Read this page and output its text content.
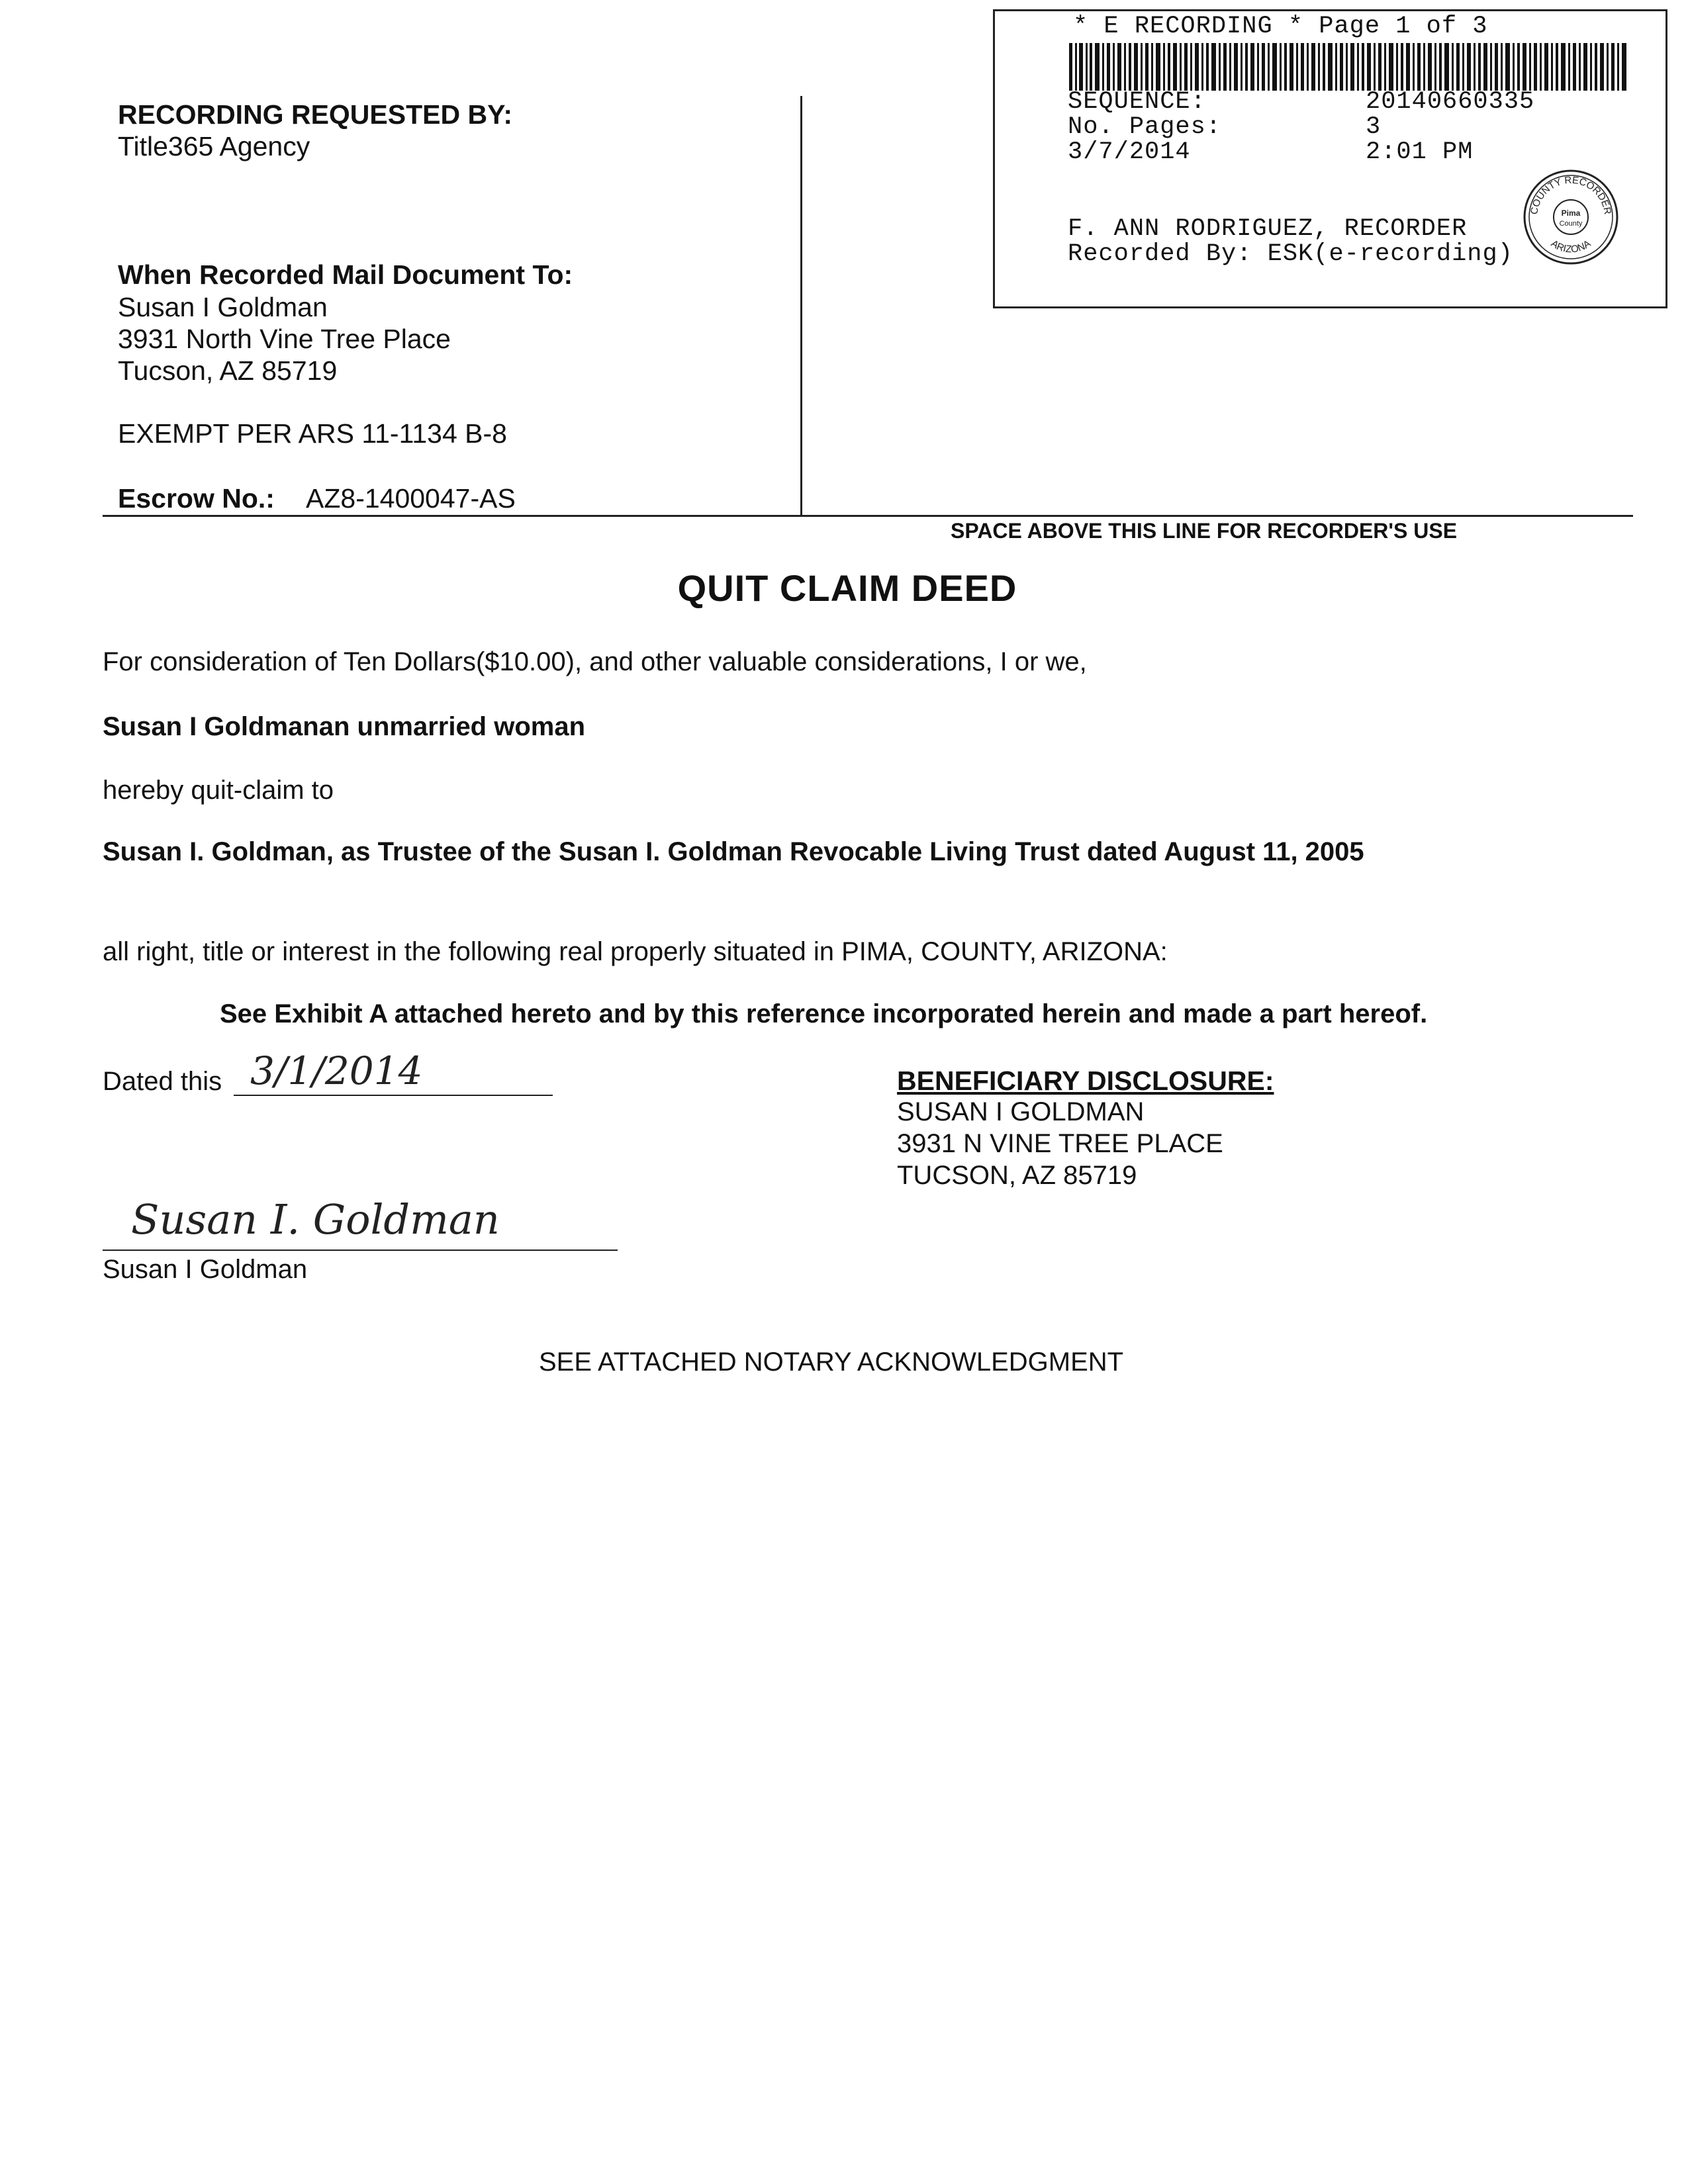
RECORDING REQUESTED BY:
Title365 Agency
When Recorded Mail Document To:
Susan I Goldman
3931 North Vine Tree Place
Tucson, AZ 85719
EXEMPT PER ARS 11-1134 B-8
Escrow No.: AZ8-1400047-AS
* E RECORDING * Page 1 of 3
SEQUENCE:	20140660335
No. Pages:	3
3/7/2014	2:01 PM
F. ANN RODRIGUEZ, RECORDER
Recorded By: ESK(e-recording)
COUNTY RECORDER
ARIZONA
Pima
County
SPACE ABOVE THIS LINE FOR RECORDER'S USE
QUIT CLAIM DEED
For consideration of Ten Dollars($10.00), and other valuable considerations, I or we,
Susan I Goldmanan unmarried woman
hereby quit-claim to
Susan I. Goldman, as Trustee of the Susan I. Goldman Revocable Living Trust dated August 11, 2005
all right, title or interest in the following real properly situated in PIMA, COUNTY, ARIZONA:
See Exhibit A attached hereto and by this reference incorporated herein and made a part hereof.
Dated this 3/1/2014	BENEFICIARY DISCLOSURE:
SUSAN I GOLDMAN
3931 N VINE TREE PLACE
TUCSON, AZ 85719
Susan I. Goldman
Susan I Goldman
SEE ATTACHED NOTARY ACKNOWLEDGMENT
